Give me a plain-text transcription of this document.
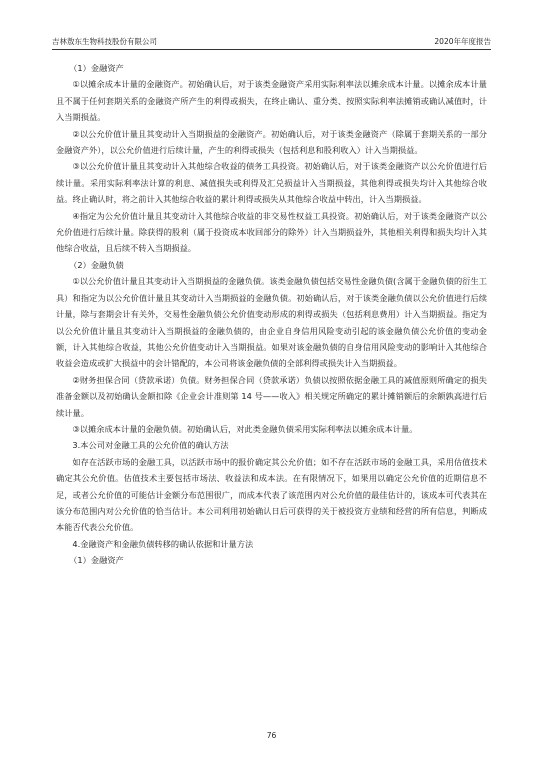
吉林敖东生物科技股份有限公司	2020年年度报告

（1）金融资产

①以摊余成本计量的金融资产。初始确认后，对于该类金融资产采用实际利率法以摊余成本计量。以摊余成本计量且不属于任何套期关系的金融资产所产生的利得或损失，在终止确认、重分类、按照实际利率法摊销或确认减值时，计入当期损益。

②以公允价值计量且其变动计入当期损益的金融资产。初始确认后，对于该类金融资产（除属于套期关系的一部分金融资产外），以公允价值进行后续计量，产生的利得或损失（包括利息和股利收入）计入当期损益。

③以公允价值计量且其变动计入其他综合收益的债务工具投资。初始确认后，对于该类金融资产以公允价值进行后续计量。采用实际利率法计算的利息、减值损失或利得及汇兑损益计入当期损益，其他利得或损失均计入其他综合收益。终止确认时，将之前计入其他综合收益的累计利得或损失从其他综合收益中转出，计入当期损益。

④指定为公允价值计量且其变动计入其他综合收益的非交易性权益工具投资。初始确认后，对于该类金融资产以公允价值进行后续计量。除获得的股利（属于投资成本收回部分的除外）计入当期损益外，其他相关利得和损失均计入其他综合收益，且后续不转入当期损益。

（2）金融负债

①以公允价值计量且其变动计入当期损益的金融负债。该类金融负债包括交易性金融负债(含属于金融负债的衍生工具）和指定为以公允价值计量且其变动计入当期损益的金融负债。初始确认后，对于该类金融负债以公允价值进行后续计量，除与套期会计有关外，交易性金融负债公允价值变动形成的利得或损失（包括利息费用）计入当期损益。指定为以公允价值计量且其变动计入当期损益的金融负债的，由企业自身信用风险变动引起的该金融负债公允价值的变动金额，计入其他综合收益，其他公允价值变动计入当期损益。如果对该金融负债的自身信用风险变动的影响计入其他综合收益会造成或扩大损益中的会计错配的，本公司将该金融负债的全部利得或损失计入当期损益。

②财务担保合同（贷款承诺）负债。财务担保合同（贷款承诺）负债以按照依据金融工具的减值原则所确定的损失准备金额以及初始确认金额扣除《企业会计准则第 14 号——收入》相关规定所确定的累计摊销额后的余额孰高进行后续计量。

③以摊余成本计量的金融负债。初始确认后，对此类金融负债采用实际利率法以摊余成本计量。

3.本公司对金融工具的公允价值的确认方法

如存在活跃市场的金融工具，以活跃市场中的报价确定其公允价值；如不存在活跃市场的金融工具，采用估值技术确定其公允价值。估值技术主要包括市场法、收益法和成本法。在有限情况下，如果用以确定公允价值的近期信息不足，或者公允价值的可能估计金额分布范围很广，而成本代表了该范围内对公允价值的最佳估计的，该成本可代表其在该分布范围内对公允价值的恰当估计。本公司利用初始确认日后可获得的关于被投资方业绩和经营的所有信息，判断成本能否代表公允价值。

4.金融资产和金融负债转移的确认依据和计量方法

（1）金融资产

76
